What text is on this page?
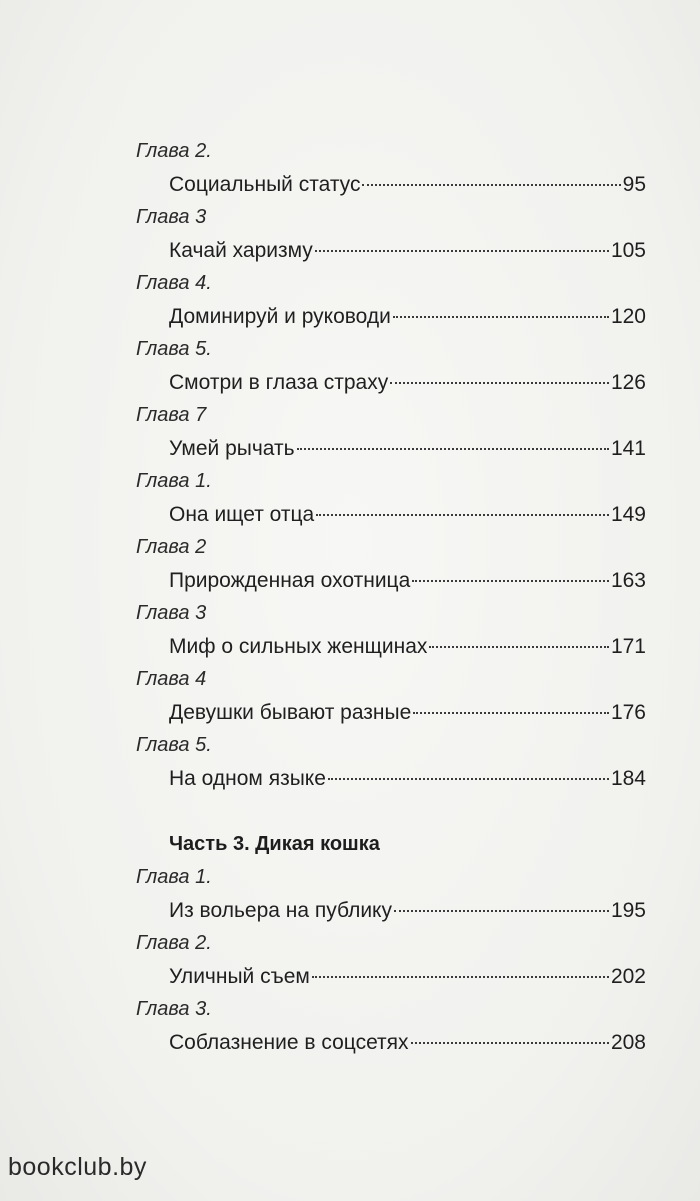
Глава 2.
Социальный статус	95
Глава 3
Качай харизму	105
Глава 4.
Доминируй и руководи	120
Глава 5.
Смотри в глаза страху	126
Глава 7
Умей рычать	141
Глава 1.
Она ищет отца	149
Глава 2
Прирожденная охотница	163
Глава 3
Миф о сильных женщинах	171
Глава 4
Девушки бывают разные	176
Глава 5.
На одном языке	184
Часть 3. Дикая кошка
Глава 1.
Из вольера на публику	195
Глава 2.
Уличный съем	202
Глава 3.
Соблазнение в соцсетях	208
bookclub.by
